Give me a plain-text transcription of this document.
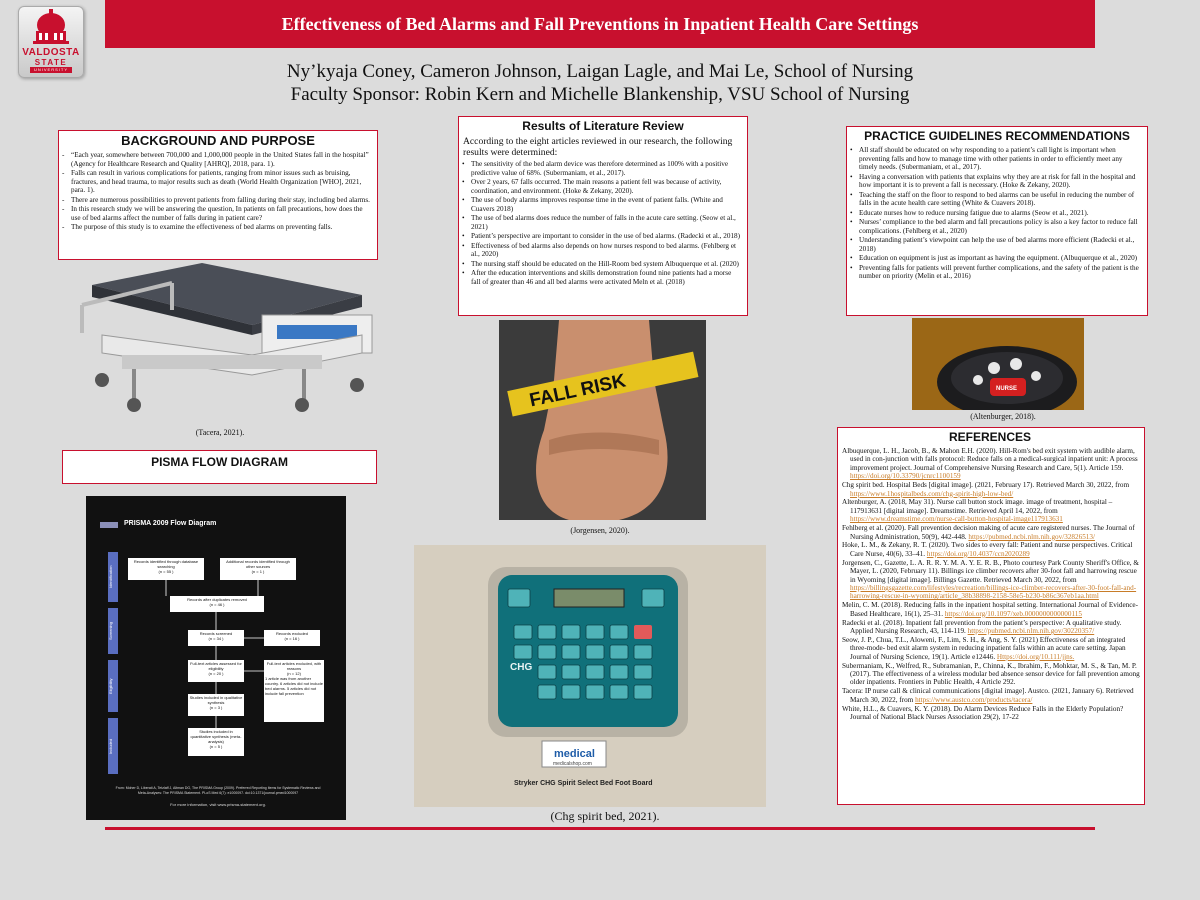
VALDOSTA
STATE
UNIVERSITY
Effectiveness of Bed Alarms and Fall Preventions in Inpatient Health Care Settings
Ny’kyaja Coney, Cameron Johnson, Laigan Lagle, and Mai Le, School of Nursing
Faculty Sponsor: Robin Kern and Michelle Blankenship, VSU School of Nursing
BACKGROUND AND PURPOSE
- “Each year, somewhere between 700,000 and 1,000,000 people in the United States fall in the hospital” (Agency for Healthcare Research and Quality [AHRQ], 2018, para. 1).
- Falls can result in various complications for patients, ranging from minor issues such as bruising, fractures, and head trauma, to major results such as death (World Health Organization [WHO], 2021, para. 1).
- There are numerous possibilities to prevent patients from falling during their stay, including bed alarms.
- In this research study we will be answering the question, In patients on fall precautions, how does the use of bed alarms affect the number of falls during in patient care?
- The purpose of this study is to examine the effectiveness of bed alarms on preventing falls.
(Tacera, 2021).
PISMA FLOW DIAGRAM
PRISMA 2009 Flow Diagram
Identification
Screening
Eligibility
Included
Records identified through database searching
(n = 55 )
Additional records identified through other sources
(n = 1 )
Records after duplicates removed
(n = 46 )
Records screened
(n = 34 )
Records excluded
(n = 16 )
Full-text articles assessed for eligibility
(n = 20 )
Full-text articles excluded, with reasons
(n = 12)
1 article was from another country. 6 articles did not include bed alarms. 5 articles did not include fall prevention
Studies included in qualitative synthesis
(n = 3 )
Studies included in quantitative synthesis (meta-analysis)
(n = 5 )
From: Moher D, Liberati A, Tetzlaff J, Altman DG, The PRISMA Group (2009). Preferred Reporting Items for Systematic Reviews and Meta-Analyses: The PRISMA Statement. PLoS Med 6(7): e1000097. doi:10.1371/journal.pmed1000097
For more information, visit www.prisma-statement.org.
Results of Literature Review
According to the eight articles reviewed in our research, the following results were determined:
• The sensitivity of the bed alarm device was therefore determined as 100% with a positive predictive value of 68%. (Subermaniam, et al., 2017).
• Over 2 years, 67 falls occurred. The main reasons a patient fell was because of activity, coordination, and environment. (Hoke & Zekany, 2020).
• The use of body alarms improves response time in the event of patient falls. (White and Cuavers 2018)
• The use of bed alarms does reduce the number of falls in the acute care setting. (Seow et al., 2021)
• Patient’s perspective are important to consider in the use of bed alarms. (Radecki et al., 2018)
• Effectiveness of bed alarms also depends on how nurses respond to bed alarms. (Fehlberg et al., 2020)
• The nursing staff should be educated on the Hill-Room bed system Albuquerque et al. (2020)
• After the education interventions and skills demonstration found nine patients had a morse fall of greater than 46 and all bed alarms were activated Meln et al. (2018)
FALL RISK
(Jorgensen, 2020).
CHG
medical
medicalshop.com
Stryker CHG Spirit Select Bed Foot Board
(Chg spirit bed, 2021).
PRACTICE GUIDELINES RECOMMENDATIONS
• All staff should be educated on why responding to a patient’s call light is important when preventing falls and how to manage time with other patients in order to efficiently meet any timely needs. (Subermaniam, et al., 2017).
• Having a conversation with patients that explains why they are at risk for fall in the hospital and how important it is to prevent a fall is necessary. (Hoke & Zekany, 2020).
• Teaching the staff on the floor to respond to bed alarms can be useful in reducing the number of falls in the acute health care setting (White & Cuavers 2018).
• Educate nurses how to reduce nursing fatigue due to alarms (Seow et al., 2021).
• Nurses’ compliance to the bed alarm and fall precautions policy is also a key factor to reduce fall complications. (Fehlberg et al., 2020)
• Understanding patient’s viewpoint can help the use of bed alarms more efficient (Radecki et al., 2018)
• Education on equipment is just as important as having the equipment. (Albuquerque et al., 2020)
• Preventing falls for patients will prevent further complications, and the safety of the patient is the number on priority (Melin et al., 2016)
NURSE
(Altenburger, 2018).
REFERENCES

Albuquerque, L. H., Jacob, B., & Mahon E.H. (2020). Hill-Rom's bed exit system with audible alarm, used in con-junction with falls protocol: Reduce falls on a medical-surgical inpatient unit: A process improvement project. Journal of Comprehensive Nursing Research and Care, 5(1). Article 159. https://doi.org/10.33790/jcnrc1100159

Chg spirit bed. Hospital Beds [digital image]. (2021, February 17). Retrieved March 30, 2022, from https://www.1hospitalbeds.com/chg-spirit-high-low-bed/

Altenburger, A. (2018, May 31). Nurse call button stock image. image of treatment, hospital – 117913631 [digital image]. Dreamstime. Retrieved April 14, 2022, from https://www.dreamstime.com/nurse-call-button-hospital-image117913631

Fehlberg et al. (2020). Fall prevention decision making of acute care registered nurses. The Journal of Nursing Administration, 50(9), 442-448. https://pubmed.ncbi.nlm.nih.gov/32826513/

Hoke, L. M., & Zekany, R. T. (2020). Two sides to every fall: Patient and nurse perspectives. Critical Care Nurse, 40(6), 33–41. https://doi.org/10.4037/ccn2020289

Jorgensen, C., Gazette, L. A. R. R. Y. M. A. Y. E. R. B., Photo courtesy Park County Sheriff's Office, & Mayer, L. (2020, February 11). Billings ice climber recovers after 30-foot fall and harrowing rescue in Wyoming [digital image]. Billings Gazette. Retrieved March 30, 2022, from https://billingsgazette.com/lifestyles/recreation/billings-ice-climber-recovers-after-30-foot-fall-and-harrowing-rescue-in-wyoming/article_38b38898-2158-58e5-b230-b86c367eb1aa.html

Melin, C. M. (2018). Reducing falls in the inpatient hospital setting. International Journal of Evidence-Based Healthcare, 16(1), 25–31. https://doi.org/10.1097/xeb.0000000000000115

Radecki et al. (2018). Inpatient fall prevention from the patient’s perspective: A qualitative study. Applied Nursing Research, 43, 114-119. https://pubmed.ncbi.nlm.nih.gov/30220357/

Seow, J. P., Chua, T.L., Aloweni, F., Lim, S. H., & Ang, S. Y. (2021) Effectiveness of an integrated three-mode- bed exit alarm system in reducing inpatient falls within an acute care setting. Japan Journal of Nursing Science, 19(1). Article e12446. Https://doi.org/10.111/jjns.

Subermaniam, K., Welfred, R., Subramanian, P., Chinna, K., Ibrahim, F., Mohktar, M. S., & Tan, M. P. (2017). The effectiveness of a wireless modular bed absence sensor device for fall prevention among older inpatients. Frontiers in Public Health, 4 Article 292.

Tacera: IP nurse call & clinical communications [digital image]. Austco. (2021, January 6). Retrieved March 30, 2022, from https://www.austco.com/products/tacera/

White, H.L., & Cuavers, K. Y. (2018). Do Alarm Devices Reduce Falls in the Elderly Population? Journal of National Black Nurses Association 29(2), 17-22
